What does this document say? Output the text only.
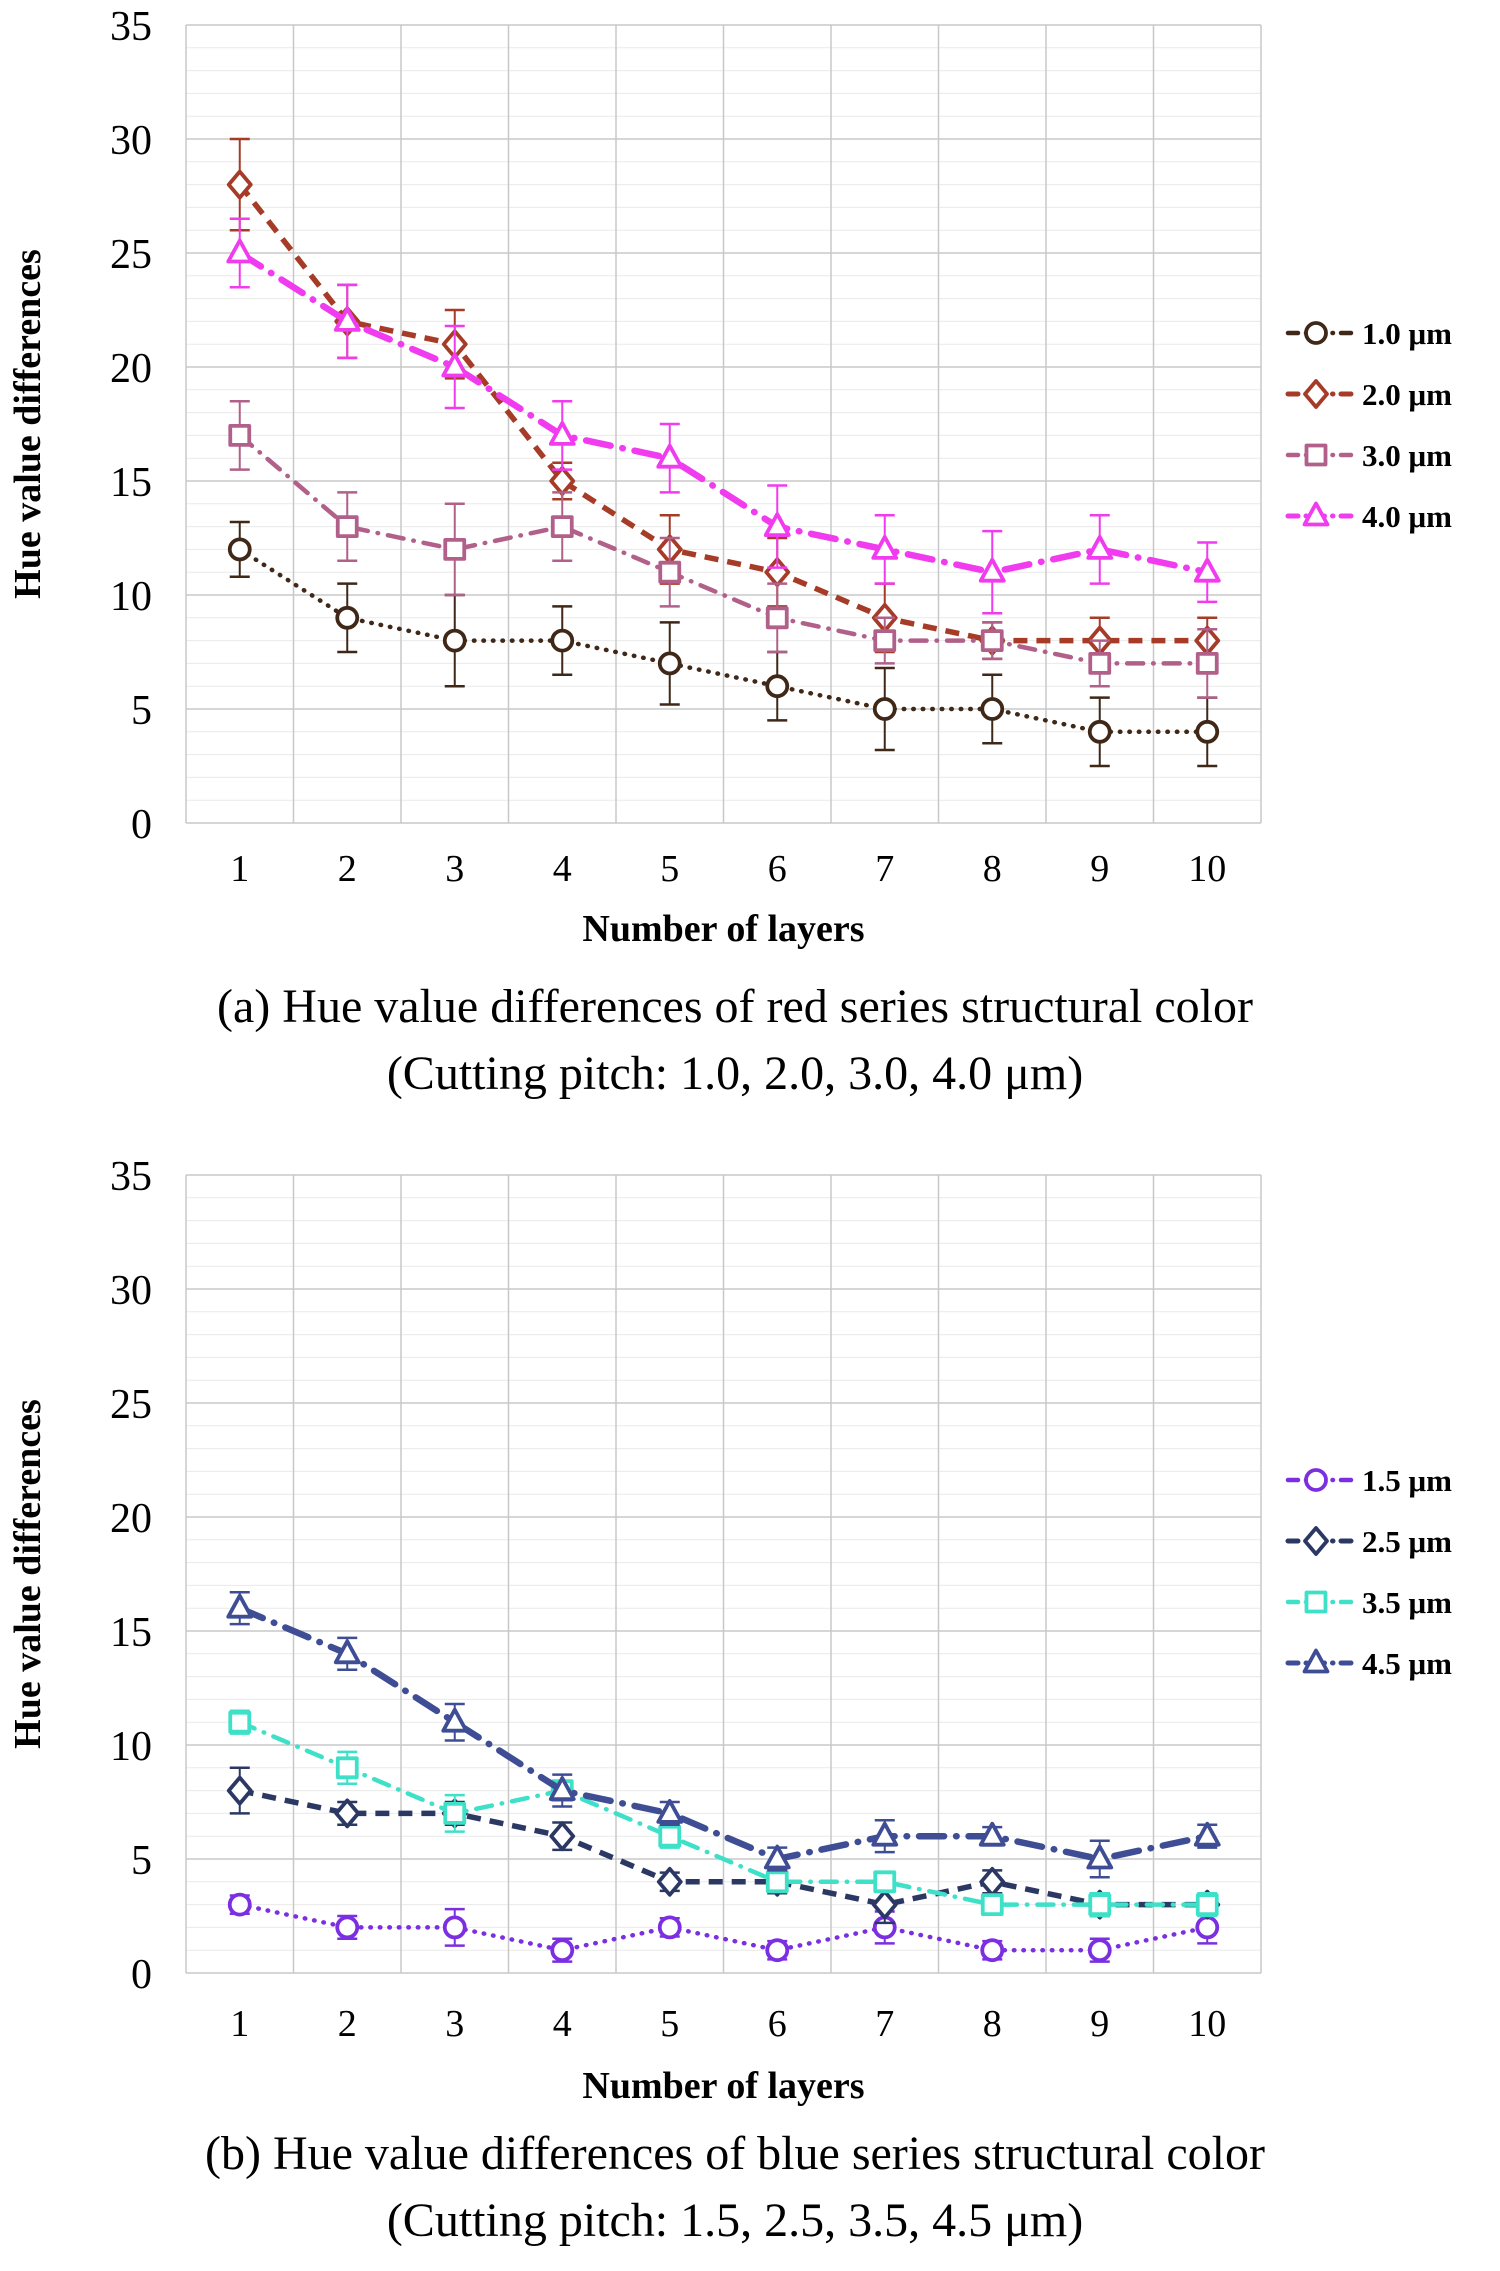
(a) Hue value differences of red series structural color
(Cutting pitch: 1.0, 2.0, 3.0, 4.0 μm)
0
5
10
15
20
25
30
35
1 2 3 4 5 6 7 8 9 10
Number of layers
Hue value differences	1.0 μm
2.0 μm
3.0 μm
4.0 μm
(b) Hue value differences of blue series structural color
(Cutting pitch: 1.5, 2.5, 3.5, 4.5 μm)
0
5
10
15
20
25
30
35
1 2 3 4 5 6 7 8 9 10
Number of layers
Hue value differences	1.5 μm
2.5 μm
3.5 μm
4.5 μm
